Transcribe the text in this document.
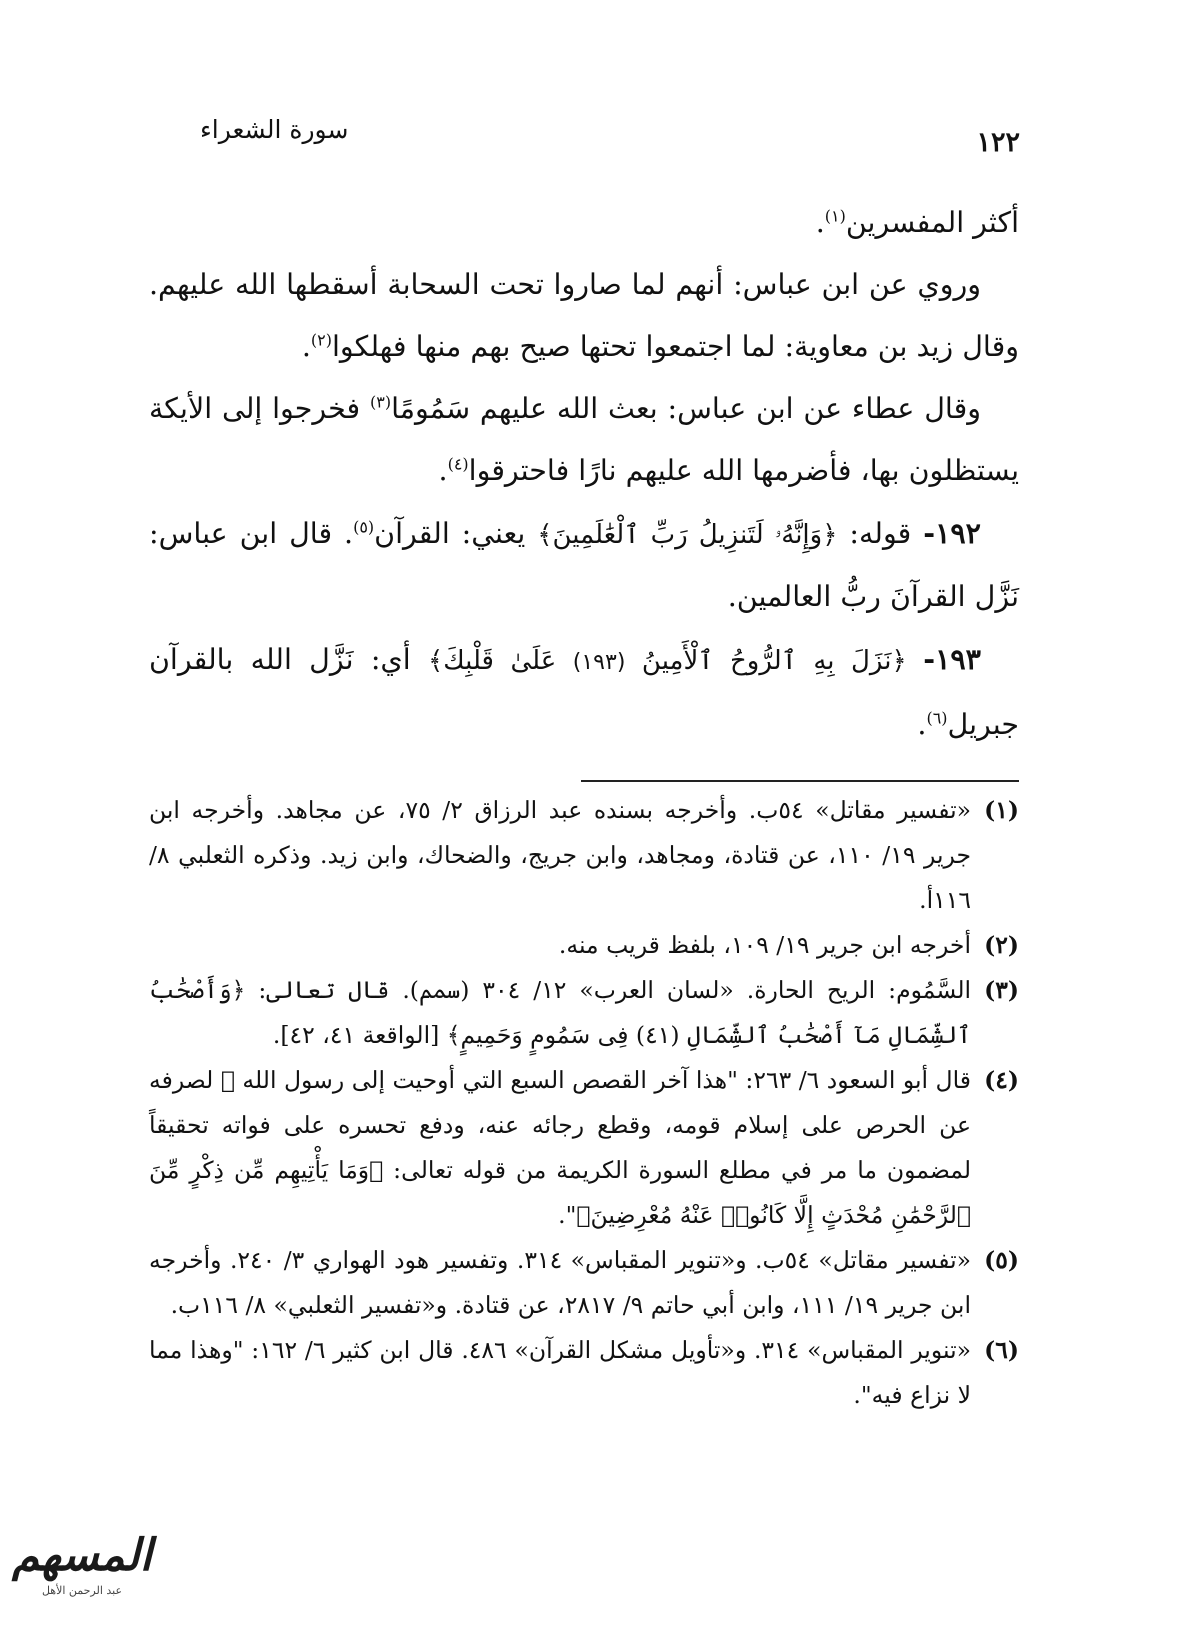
١٢٢
سورة الشعراء

أكثر المفسرين$^{(١)}$.

وروي عن ابن عباس: أنهم لما صاروا تحت السحابة أسقطها الله عليهم. وقال زيد بن معاوية: لما اجتمعوا تحتها صيح بهم منها فهلكوا$^{(٢)}$.

وقال عطاء عن ابن عباس: بعث الله عليهم سَمُومًا$^{(٣)}$ فخرجوا إلى الأيكة يستظلون بها، فأضرمها الله عليهم نارًا فاحترقوا$^{(٤)}$.

١٩٢- قوله: ﴿وَإِنَّهُۥ لَتَنزِيلُ رَبِّ ٱلْعَٰلَمِينَ﴾ يعني: القرآن$^{(٥)}$. قال ابن عباس: نَزَّل القرآنَ ربُّ العالمين.

١٩٣- ﴿نَزَلَ بِهِ ٱلرُّوحُ ٱلْأَمِينُ (١٩٣) عَلَىٰ قَلْبِكَ﴾ أي: نَزَّل الله بالقرآن جبريل$^{(٦)}$.

(١)
«تفسير مقاتل» ٥٤ب. وأخرجه بسنده عبد الرزاق ٢/ ٧٥، عن مجاهد. وأخرجه ابن جرير ١٩/ ١١٠، عن قتادة، ومجاهد، وابن جريج، والضحاك، وابن زيد. وذكره الثعلبي ٨/ ١١٦أ.
(٢)
أخرجه ابن جرير ١٩/ ١٠٩، بلفظ قريب منه.
(٣)
السَّمُوم: الريح الحارة. «لسان العرب» ١٢/ ٣٠٤ (سمم). قال تعالى: ﴿وَأَصْحَٰبُ ٱلشِّمَالِ مَآ أَصْحَٰبُ ٱلشِّمَالِ (٤١) فِى سَمُومٍ وَحَمِيمٍ﴾ [الواقعة ٤١، ٤٢].
(٤)
قال أبو السعود ٦/ ٢٦٣: "هذا آخر القصص السبع التي أوحيت إلى رسول الله ﷺ لصرفه عن الحرص على إسلام قومه، وقطع رجائه عنه، ودفع تحسره على فواته تحقيقاً لمضمون ما مر في مطلع السورة الكريمة من قوله تعالى: ﴿وَمَا يَأْتِيهِم مِّن ذِكْرٍ مِّنَ ٱلرَّحْمَٰنِ مُحْدَثٍ إِلَّا كَانُوا۟ عَنْهُ مُعْرِضِينَ﴾".
(٥)
«تفسير مقاتل» ٥٤ب. و«تنوير المقباس» ٣١٤. وتفسير هود الهواري ٣/ ٢٤٠. وأخرجه ابن جرير ١٩/ ١١١، وابن أبي حاتم ٩/ ٢٨١٧، عن قتادة. و«تفسير الثعلبي» ٨/ ١١٦ب.
(٦)
«تنوير المقباس» ٣١٤. و«تأويل مشكل القرآن» ٤٨٦. قال ابن كثير ٦/ ١٦٢: "وهذا مما لا نزاع فيه".
المسهم
عبد الرحمن الأهل
